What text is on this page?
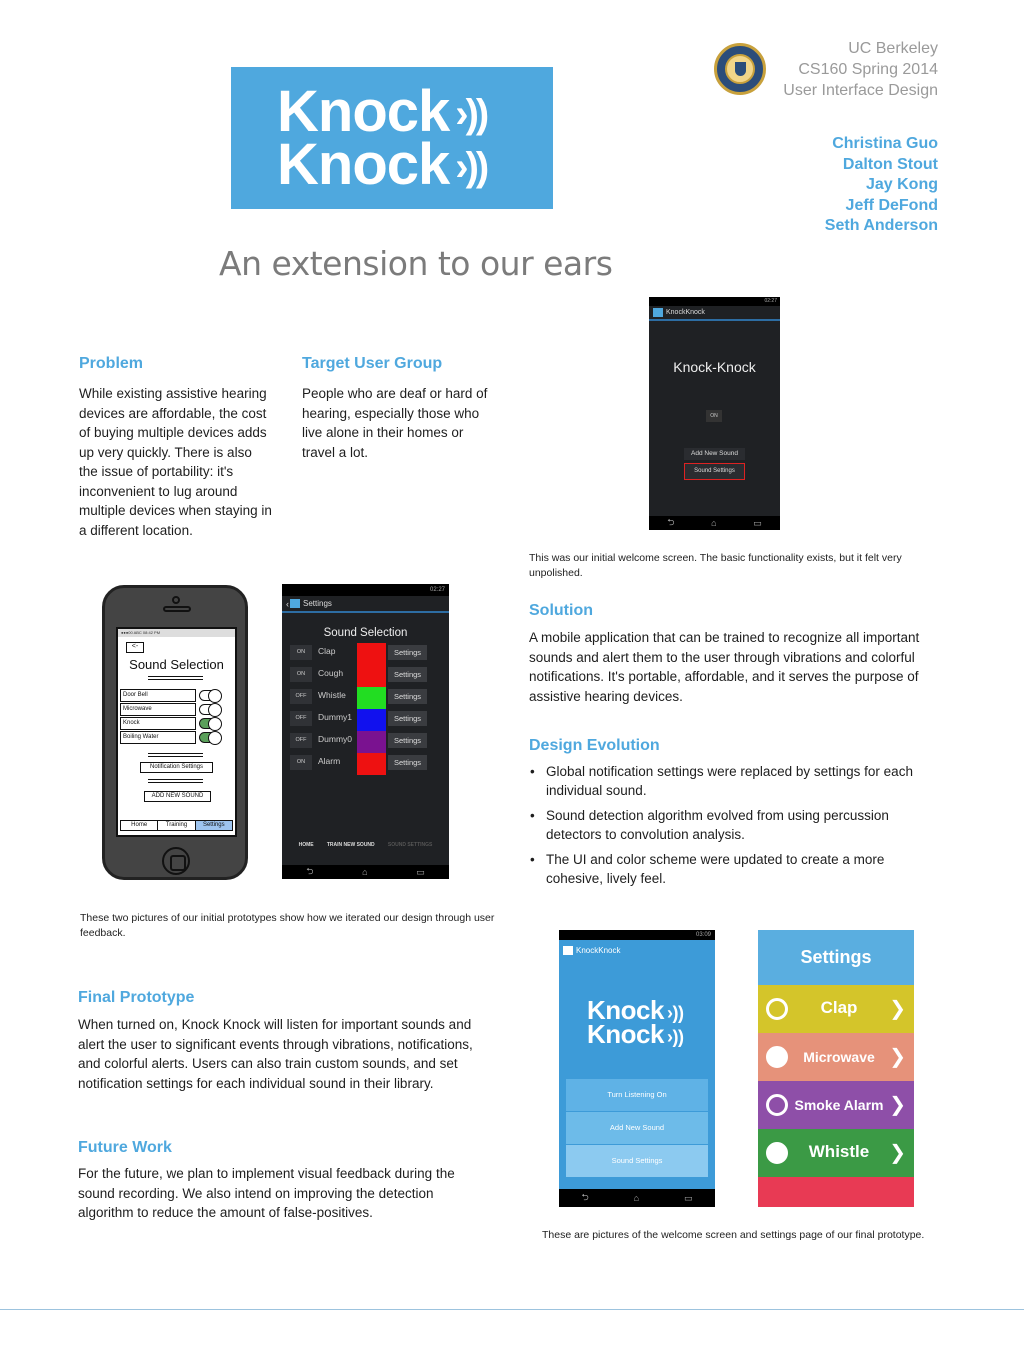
Knock ›))
Knock ›))
An extension to our ears
UC Berkeley
CS160 Spring 2014
User Interface Design
Christina Guo
Dalton Stout
Jay Kong
Jeff DeFond
Seth Anderson
Problem

While existing assistive hearing devices are affordable, the cost of buying multiple devices adds up very quickly. There is also the issue of portability: it's inconvenient to lug around multiple devices when staying in a different location.

Target User Group

People who are deaf or hard of hearing, especially those who live alone in their homes or travel a lot.

02:27
KnockKnock
Knock-Knock
ON
Add New Sound
Sound Settings
⮌	⌂	▭

This was our initial welcome screen. The basic functionality exists, but it felt very unpolished.

Solution

A mobile application that can be trained to recognize all important sounds and alert them to the user through vibrations and colorful notifications. It's portable, affordable, and it serves the purpose of assistive hearing devices.

Design Evolution
• Global notification settings were replaced by settings for each individual sound.
• Sound detection algorithm evolved from using percussion detectors to convolution analysis.
• The UI and color scheme were updated to create a more cohesive, lively feel.
●●●00 ABC 08:42 PM
<-
Sound Selection
Door Bell
Microwave
Knock
Boiling Water
Notification Settings
ADD NEW SOUND
Home	Training	Settings
02:27
‹ Settings
Sound Selection
ON	Clap	Settings
ON	Cough	Settings
OFF	Whistle	Settings
OFF	Dummy1	Settings
OFF	Dummy0	Settings
ON	Alarm	Settings
HOME	TRAIN NEW SOUND	SOUND SETTINGS
⮌	⌂	▭

These two pictures of our initial prototypes show how we iterated our design through user feedback.

Final Prototype

When turned on, Knock Knock will listen for important sounds and alert the user to significant events through vibrations, notifications, and colorful alerts. Users can also train custom sounds, and set notification settings for each individual sound in their library.

Future Work

For the future, we plan to implement visual feedback during the sound recording. We also intend on improving the detection algorithm to reduce the amount of false-positives.

03:09
KnockKnock
Knock ›))
Knock ›))
Turn Listening On
Add New Sound
Sound Settings
⮌	⌂	▭
Settings
Clap	❯
Microwave ❯
Smoke Alarm ❯
Whistle	❯

These are pictures of the welcome screen and settings page of our final prototype.
